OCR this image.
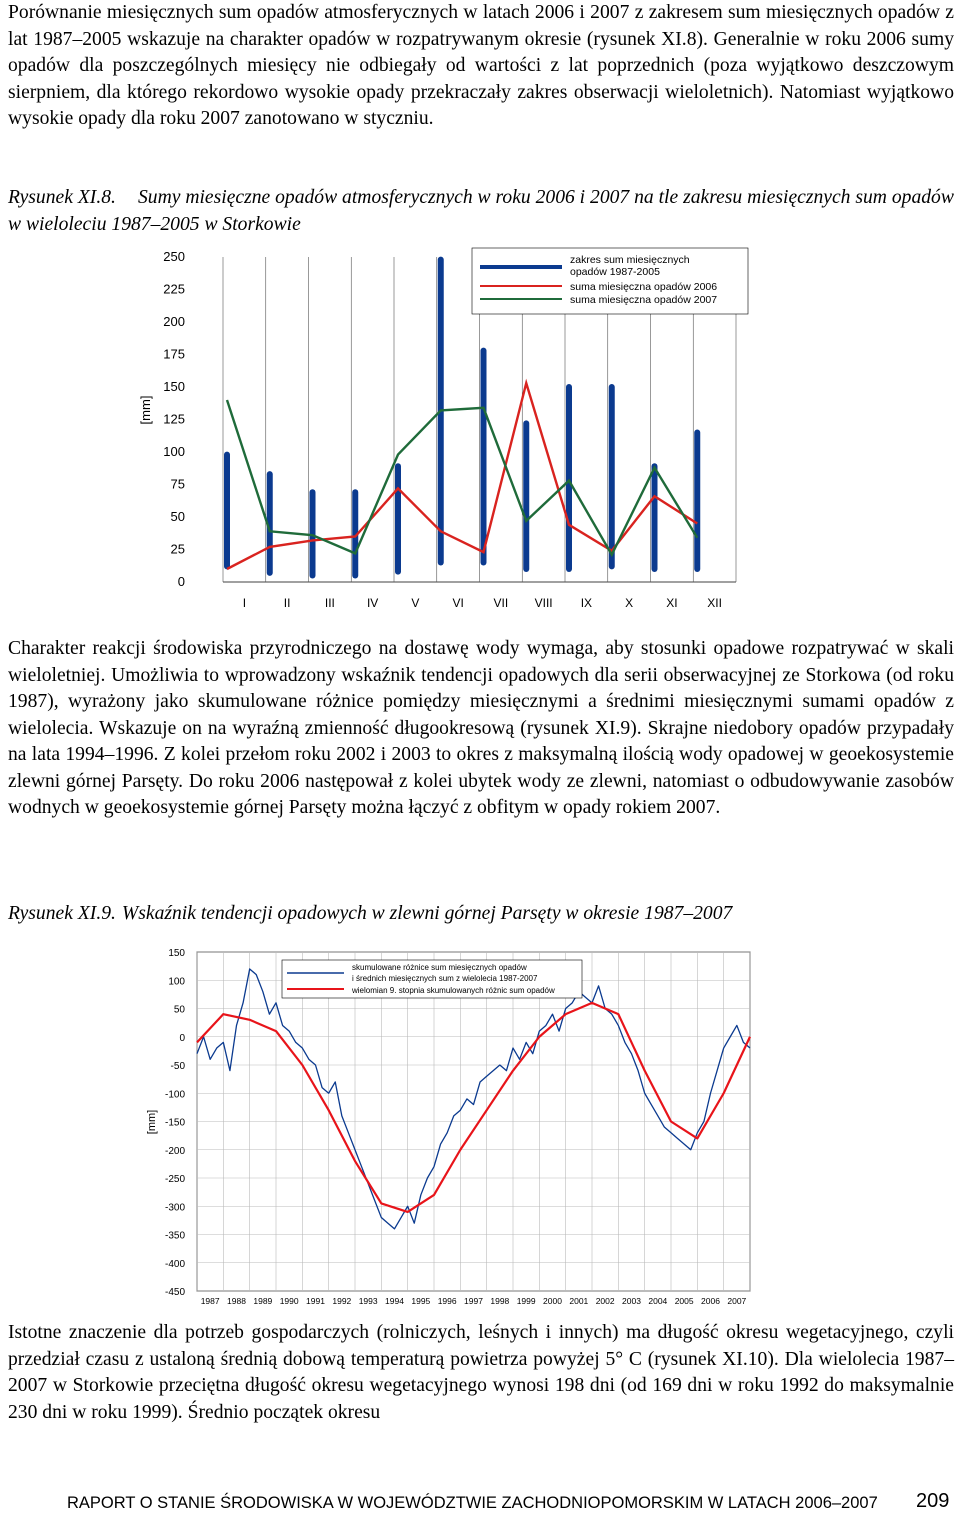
Porównanie miesięcznych sum opadów atmosferycznych w latach 2006 i 2007 z zakresem sum miesięcznych opadów z lat 1987–2005 wskazuje na charakter opadów w rozpatrywanym okresie (rysunek XI.8). Generalnie w roku 2006 sumy opadów dla poszczególnych miesięcy nie odbiegały od wartości z lat poprzednich (poza wyjątkowo deszczowym sierpniem, dla którego rekordowo wysokie opady przekraczały zakres obserwacji wieloletnich). Natomiast wyjątkowo wysokie opady dla roku 2007 zanotowano w styczniu.

Rysunek XI.8. Sumy miesięczne opadów atmosferycznych w roku 2006 i 2007 na tle zakresu miesięcznych sum opadów w wieloleciu 1987–2005 w Storkowie

0
25
50
75
100
125
150
175
200
225
250
I	II	III	IV	V	VI VII VIII IX	X	XI XII
zakres sum miesięcznych
opadów 1987-2005
suma miesięczna opadów 2006
suma miesięczna opadów 2007
[mm]

Charakter reakcji środowiska przyrodniczego na dostawę wody wymaga, aby stosunki opadowe rozpatrywać w skali wieloletniej. Umożliwia to wprowadzony wskaźnik tendencji opadowych dla serii obserwacyjnej ze Storkowa (od roku 1987), wyrażony jako skumulowane różnice pomiędzy miesięcznymi a średnimi miesięcznymi sumami opadów z wielolecia. Wskazuje on na wyraźną zmienność długookresową (rysunek XI.9). Skrajne niedobory opadów przypadały na lata 1994–1996. Z kolei przełom roku 2002 i 2003 to okres z maksymalną ilością wody opadowej w geoekosystemie zlewni górnej Parsęty. Do roku 2006 następował z kolei ubytek wody ze zlewni, natomiast o odbudowywanie zasobów wodnych w geoekosystemie górnej Parsęty można łączyć z obfitym w opady rokiem 2007.

Rysunek XI.9. Wskaźnik tendencji opadowych w zlewni górnej Parsęty w okresie 1987–2007

-450
-400
-350
-300
-250
-200
-150
-100
-50
0
50
100
150
1987 1988 1989 1990 1991 1992 1993 1994 1995 1996 1997 1998 1999 2000 2001 2002 2003 2004 2005 2006 2007
skumulowane różnice sum miesięcznych opadów
i średnich miesięcznych sum z wielolecia 1987-2007
wielomian 9. stopnia skumulowanych różnic sum opadów
[mm]

Istotne znaczenie dla potrzeb gospodarczych (rolniczych, leśnych i innych) ma długość okresu wegetacyjnego, czyli przedział czasu z ustaloną średnią dobową temperaturą powietrza powyżej 5° C (rysunek XI.10). Dla wielolecia 1987–2007 w Storkowie przeciętna długość okresu wegetacyjnego wynosi 198 dni (od 169 dni w roku 1992 do maksymalnie 230 dni w roku 1999). Średnio początek okresu

RAPORT O STANIE ŚRODOWISKA W WOJEWÓDZTWIE ZACHODNIOPOMORSKIM W LATACH 2006–2007 209
